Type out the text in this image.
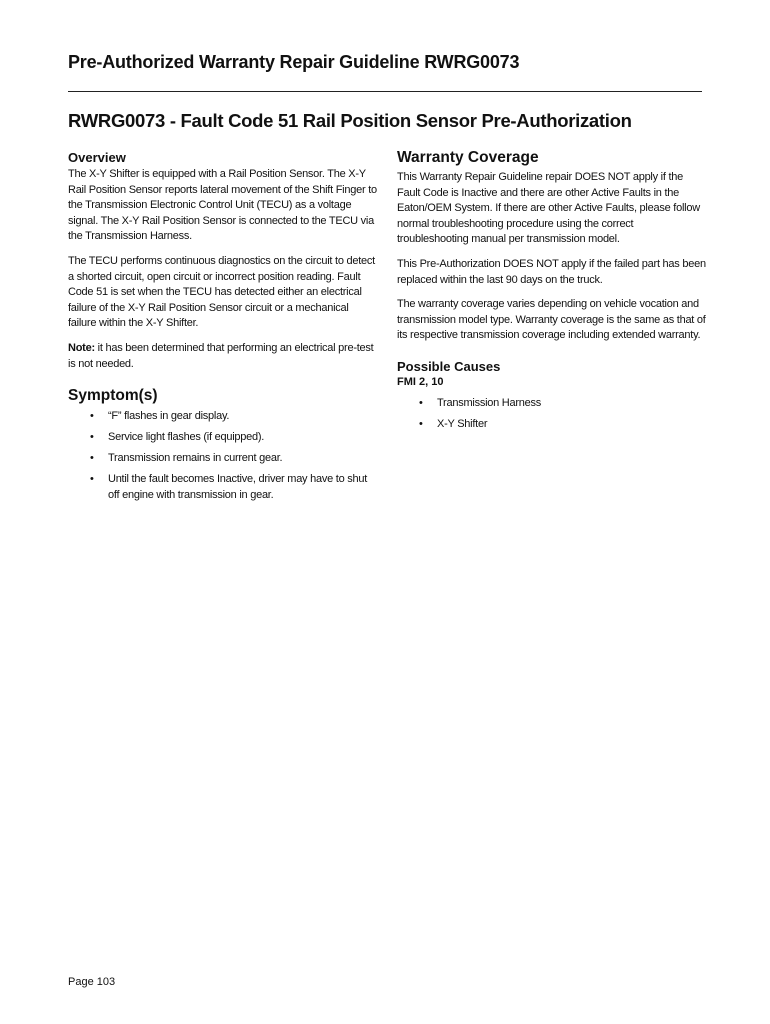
Pre-Authorized Warranty Repair Guideline RWRG0073
RWRG0073 - Fault Code 51 Rail Position Sensor Pre-Authorization
Overview

The X-Y Shifter is equipped with a Rail Position Sensor. The X-Y Rail Position Sensor reports lateral movement of the Shift Finger to the Transmission Electronic Control Unit (TECU) as a voltage signal. The X-Y Rail Position Sensor is connected to the TECU via the Transmission Harness.

The TECU performs continuous diagnostics on the circuit to detect a shorted circuit, open circuit or incorrect position reading. Fault Code 51 is set when the TECU has detected either an electrical failure of the X-Y Rail Position Sensor circuit or a mechanical failure within the X-Y Shifter.

Note: it has been determined that performing an electrical pre-test is not needed.

Symptom(s)
• “F” flashes in gear display.
• Service light flashes (if equipped).
• Transmission remains in current gear.
• Until the fault becomes Inactive, driver may have to shut off engine with transmission in gear.
Warranty Coverage

This Warranty Repair Guideline repair DOES NOT apply if the Fault Code is Inactive and there are other Active Faults in the Eaton/OEM System. If there are other Active Faults, please follow normal troubleshooting procedure using the correct troubleshooting manual per transmission model.

This Pre-Authorization DOES NOT apply if the failed part has been replaced within the last 90 days on the truck.

The warranty coverage varies depending on vehicle vocation and transmission model type. Warranty coverage is the same as that of its respective transmission coverage including extended warranty.

Possible Causes
FMI 2, 10
• Transmission Harness
• X-Y Shifter
Page 103
